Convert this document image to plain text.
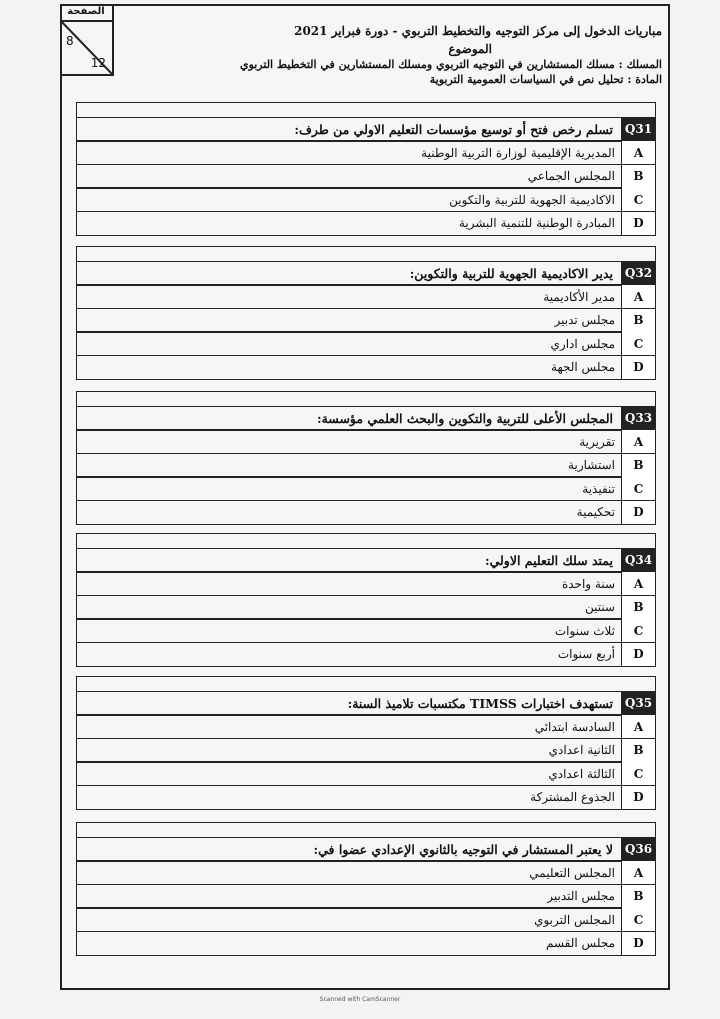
الصفحة
8
12
مباريات الدخول إلى مركز التوجيه والتخطيط التربوي - دورة فبراير 2021
الموضوع
المسلك : مسلك المستشارين في التوجيه التربوي ومسلك المستشارين في التخطيط التربوي
المادة : تحليل نص في السياسات العمومية التربوية
Q31
تسلم رخص فتح أو توسيع مؤسسات التعليم الاولي من طرف:
A
المديرية الإقليمية لوزارة التربية الوطنية
B
المجلس الجماعي
C
الاكاديمية الجهوية للتربية والتكوين
D
المبادرة الوطنية للتنمية البشرية
Q32
يدير الاكاديمية الجهوية للتربية والتكوين:
A
مدير الأكاديمية
B
مجلس تدبير
C
مجلس اداري
D
مجلس الجهة
Q33
المجلس الأعلى للتربية والتكوين والبحث العلمي مؤسسة:
A
تقريرية
B
استشارية
C
تنفيذية
D
تحكيمية
Q34
يمتد سلك التعليم الاولي:
A
سنة واحدة
B
سنتين
C
ثلاث سنوات
D
أربع سنوات
Q35
تستهدف اختبارات TIMSS مكتسبات تلاميذ السنة:
A
السادسة ابتدائي
B
الثانية اعدادي
C
الثالثة اعدادي
D
الجذوع المشتركة
Q36
لا يعتبر المستشار في التوجيه بالثانوي الإعدادي عضوا في:
A
المجلس التعليمي
B
مجلس التدبير
C
المجلس التربوي
D
مجلس القسم
Scanned with CamScanner
